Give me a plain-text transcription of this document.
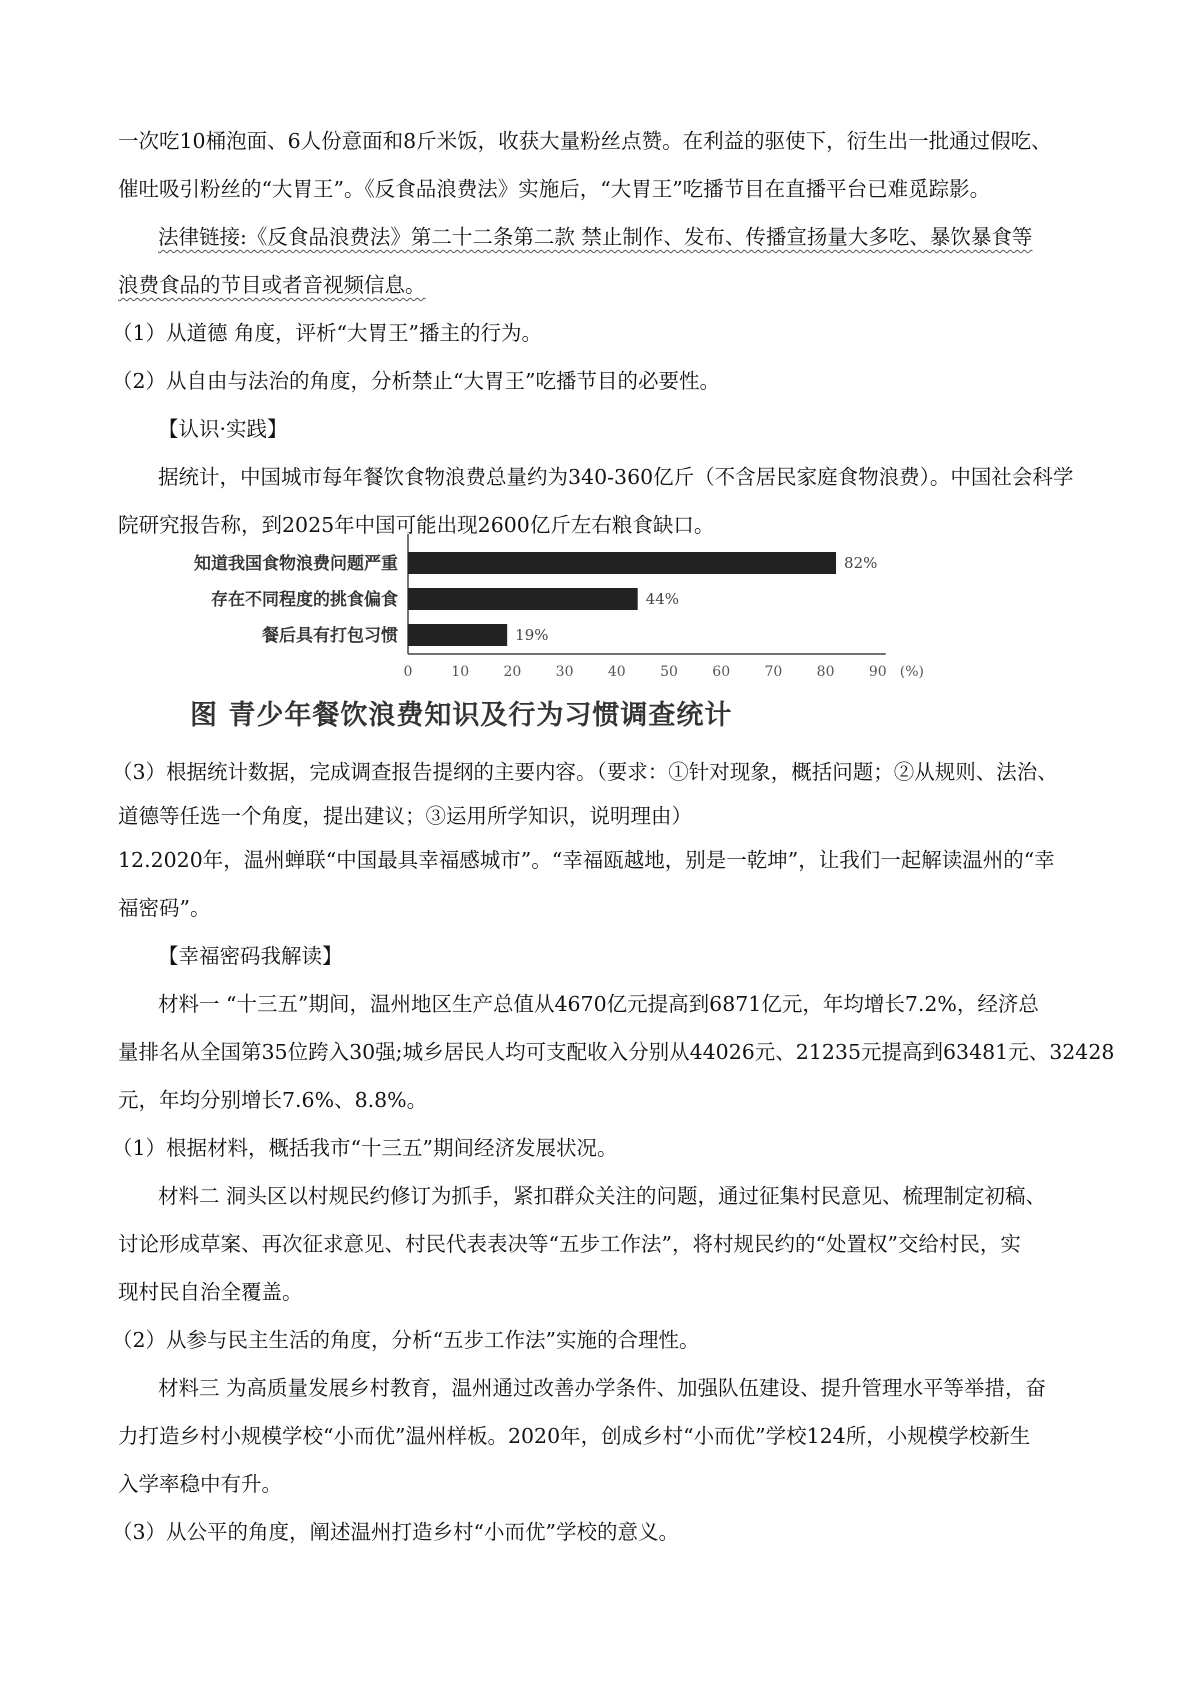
一次吃10桶泡面、6人份意面和8斤米饭，收获大量粉丝点赞。在利益的驱使下，衍生出一批通过假吃、
催吐吸引粉丝的“大胃王”。《反食品浪费法》实施后，“大胃王”吃播节目在直播平台已难觅踪影。
法律链接:《反食品浪费法》第二十二条第二款 禁止制作、发布、传播宣扬量大多吃、暴饮暴食等
浪费食品的节目或者音视频信息。
（1）从道德 角度，评析“大胃王”播主的行为。
（2）从自由与法治的角度，分析禁止“大胃王”吃播节目的必要性。
【认识·实践】
据统计，中国城市每年餐饮食物浪费总量约为340-360亿斤（不含居民家庭食物浪费）。中国社会科学
院研究报告称，到2025年中国可能出现2600亿斤左右粮食缺口。
知道我国食物浪费问题严重	82%
存在不同程度的挑食偏食	44%
餐后具有打包习惯	19%
0	10 20 30 40 50 60 70 80 90 (%)
图 青少年餐饮浪费知识及行为习惯调查统计
（3）根据统计数据，完成调查报告提纲的主要内容。（要求：①针对现象，概括问题；②从规则、法治、
道德等任选一个角度，提出建议；③运用所学知识，说明理由）
12.2020年，温州蝉联“中国最具幸福感城市”。“幸福瓯越地，别是一乾坤”，让我们一起解读温州的“幸
福密码”。
【幸福密码我解读】
材料一 “十三五”期间，温州地区生产总值从4670亿元提高到6871亿元，年均增长7.2%，经济总
量排名从全国第35位跨入30强;城乡居民人均可支配收入分别从44026元、21235元提高到63481元、32428
元，年均分别增长7.6%、8.8%。
（1）根据材料，概括我市“十三五”期间经济发展状况。
材料二 洞头区以村规民约修订为抓手，紧扣群众关注的问题，通过征集村民意见、梳理制定初稿、
讨论形成草案、再次征求意见、村民代表表决等“五步工作法”，将村规民约的“处置权”交给村民，实
现村民自治全覆盖。
（2）从参与民主生活的角度，分析“五步工作法”实施的合理性。
材料三 为高质量发展乡村教育，温州通过改善办学条件、加强队伍建设、提升管理水平等举措，奋
力打造乡村小规模学校“小而优”温州样板。2020年，创成乡村“小而优”学校124所，小规模学校新生
入学率稳中有升。
（3）从公平的角度，阐述温州打造乡村“小而优”学校的意义。
